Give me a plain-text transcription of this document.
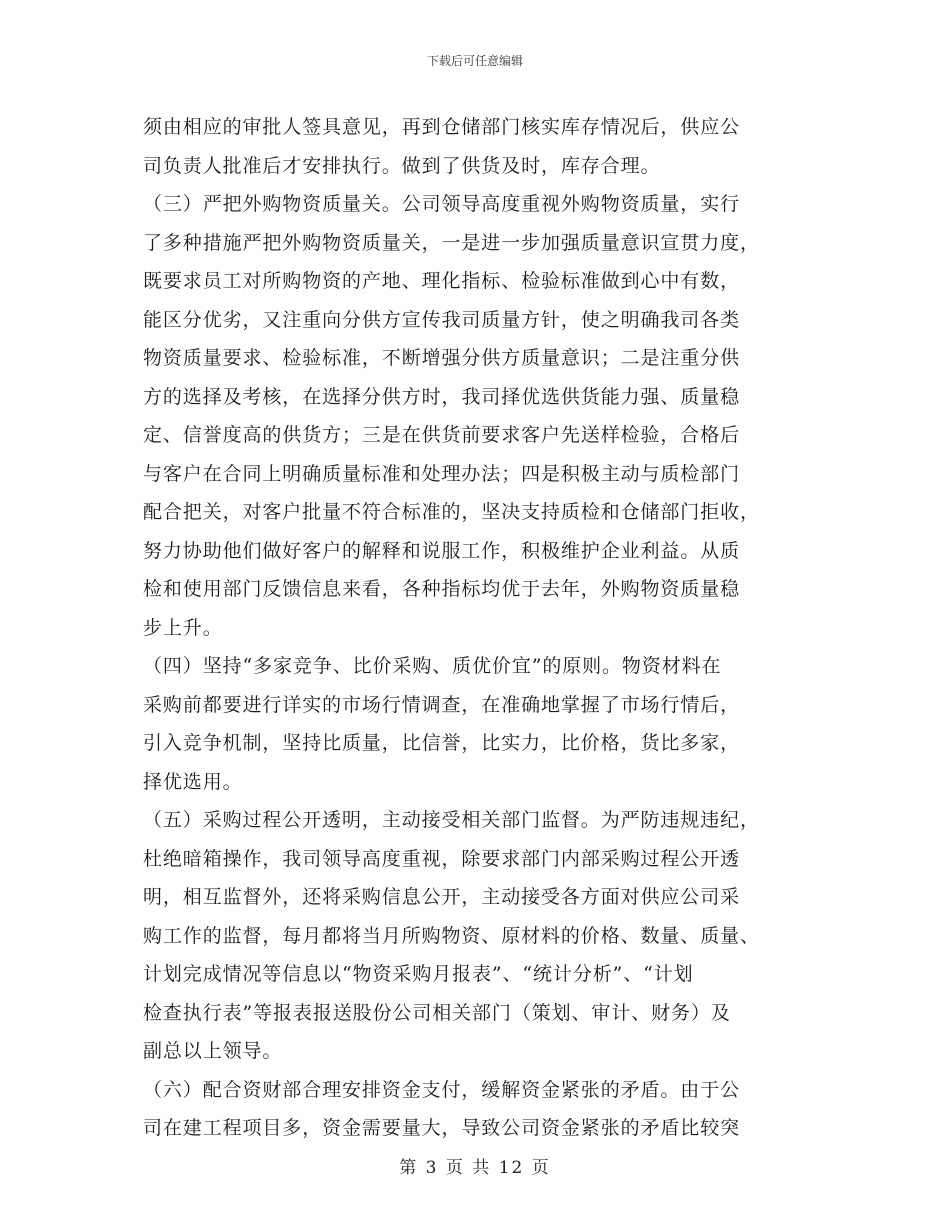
下载后可任意编辑
须由相应的审批人签具意见，再到仓储部门核实库存情况后，供应公
司负责人批准后才安排执行。做到了供货及时，库存合理。
（三）严把外购物资质量关。公司领导高度重视外购物资质量，实行
了多种措施严把外购物资质量关，一是进一步加强质量意识宣贯力度，
既要求员工对所购物资的产地、理化指标、检验标准做到心中有数，
能区分优劣，又注重向分供方宣传我司质量方针，使之明确我司各类
物资质量要求、检验标准，不断增强分供方质量意识；二是注重分供
方的选择及考核，在选择分供方时，我司择优选供货能力强、质量稳
定、信誉度高的供货方；三是在供货前要求客户先送样检验，合格后
与客户在合同上明确质量标准和处理办法；四是积极主动与质检部门
配合把关，对客户批量不符合标准的，坚决支持质检和仓储部门拒收，
努力协助他们做好客户的解释和说服工作，积极维护企业利益。从质
检和使用部门反馈信息来看，各种指标均优于去年，外购物资质量稳
步上升。
（四）坚持“多家竞争、比价采购、质优价宜”的原则。物资材料在
采购前都要进行详实的市场行情调查，在准确地掌握了市场行情后，
引入竞争机制，坚持比质量，比信誉，比实力，比价格，货比多家，
择优选用。
（五）采购过程公开透明，主动接受相关部门监督。为严防违规违纪，
杜绝暗箱操作，我司领导高度重视，除要求部门内部采购过程公开透
明，相互监督外，还将采购信息公开，主动接受各方面对供应公司采
购工作的监督，每月都将当月所购物资、原材料的价格、数量、质量、
计划完成情况等信息以“物资采购月报表”、“统计分析”、“计划
检查执行表”等报表报送股份公司相关部门（策划、审计、财务）及
副总以上领导。
（六）配合资财部合理安排资金支付，缓解资金紧张的矛盾。由于公
司在建工程项目多，资金需要量大，导致公司资金紧张的矛盾比较突
第 3 页 共 12 页
